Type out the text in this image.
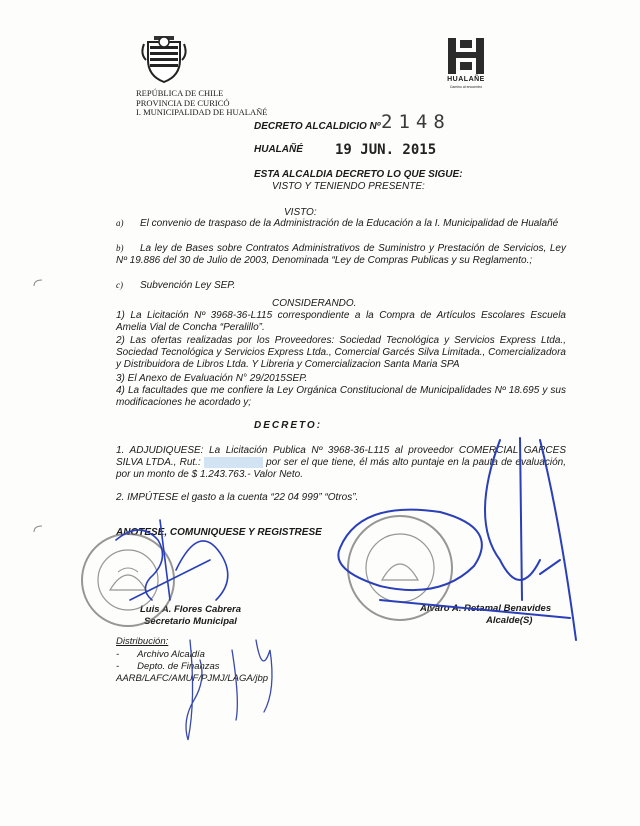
HUALAÑE
Camino al encuentro
REPÚBLICA DE CHILE
PROVINCIA DE CURICÓ
I. MUNICIPALIDAD DE HUALAÑÉ
DECRETO ALCALDICIO Nº 2148
HUALAÑÉ 19 JUN. 2015
ESTA ALCALDIA DECRETO LO QUE SIGUE:
VISTO Y TENIENDO PRESENTE:
VISTO:
a) El convenio de traspaso de la Administración de la Educación a la I. Municipalidad de Hualañé
b)	La ley de Bases sobre Contratos Administrativos de Suministro y Prestación de Servicios, Ley Nº 19.886 del 30 de Julio de 2003, Denominada “Ley de Compras Publicas y su Reglamento.;
c) Subvención Ley SEP.
CONSIDERANDO.
1) La Licitación Nº 3968-36-L115 correspondiente a la Compra de Artículos Escolares Escuela Amelia Vial de Concha “Peralillo”.
2) Las ofertas realizadas por los Proveedores: Sociedad Tecnológica y Servicios Express Ltda., Sociedad Tecnológica y Servicios Express Ltda., Comercial Garcés Silva Limitada., Comercializadora y Distribuidora de Libros Ltda. Y Libreria y Comercializacion Santa Maria SPA
3) El Anexo de Evaluación N° 29/2015SEP.
4) La facultades que me confiere la Ley Orgánica Constitucional de Municipalidades Nº 18.695 y sus modificaciones he acordado y;
DECRETO:
1. ADJUDIQUESE: La Licitación Publica Nº 3968-36-L115 al proveedor COMERCIAL GARCES SILVA LTDA., Rut.:	por ser el que tiene, él más alto puntaje en la pauta de evaluación, por un monto de $ 1.243.763.- Valor Neto.
2. IMPÚTESE el gasto a la cuenta “22 04 999” “Otros”.
ANOTESE, COMUNIQUESE Y REGISTRESE
Luis A. Flores Cabrera
Secretario Municipal
Alvaro A. Retamal Benavides
Alcalde(S)
Distribución:
- Archivo Alcaldía
- Depto. de Finanzas
AARB/LAFC/AMUF/PJMJ/LAGA/jbp
